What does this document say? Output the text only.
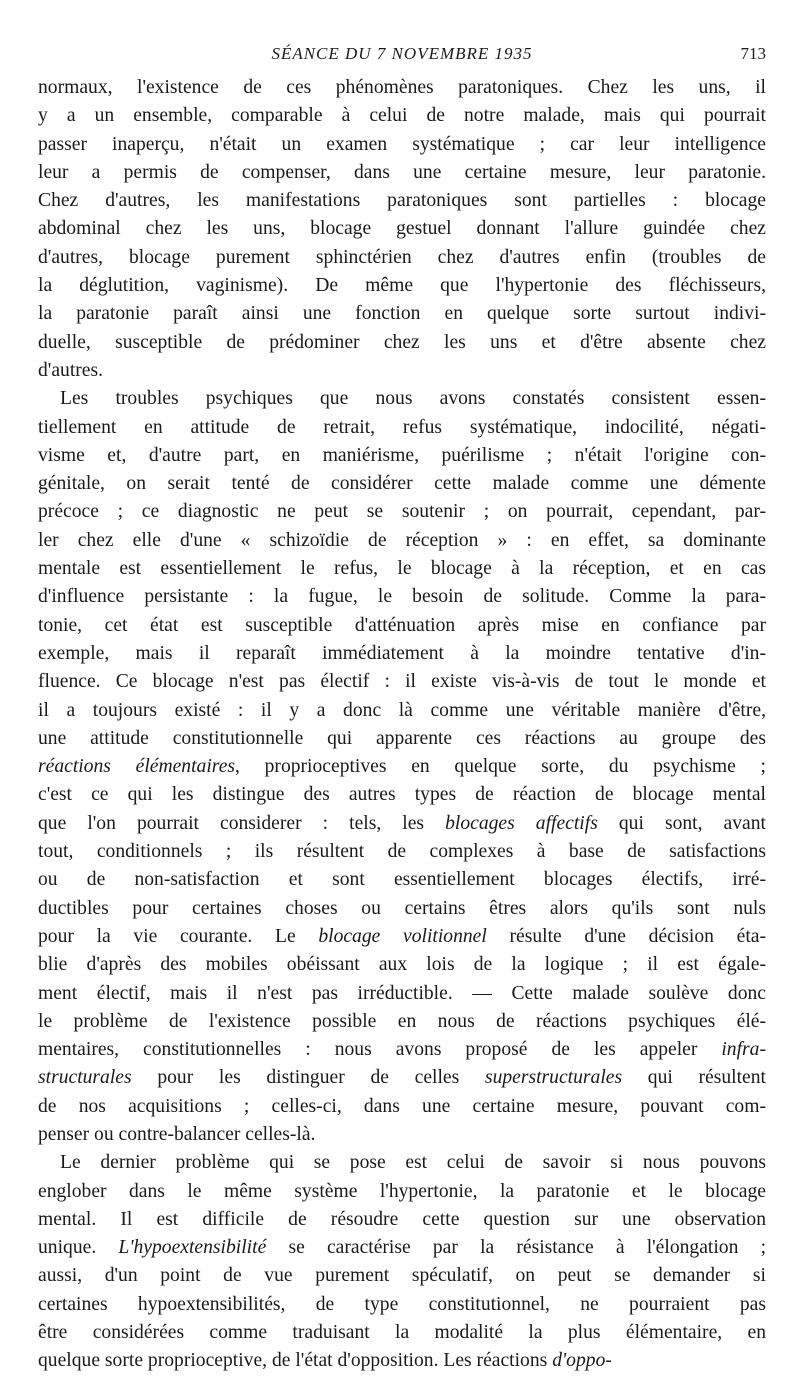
SÉANCE DU 7 NOVEMBRE 1935	713
normaux, l'existence de ces phénomènes paratoniques. Chez les uns, il
y a un ensemble, comparable à celui de notre malade, mais qui pourrait
passer inaperçu, n'était un examen systématique ; car leur intelligence
leur a permis de compenser, dans une certaine mesure, leur paratonie.
Chez d'autres, les manifestations paratoniques sont partielles : blocage
abdominal chez les uns, blocage gestuel donnant l'allure guindée chez
d'autres, blocage purement sphinctérien chez d'autres enfin (troubles de
la déglutition, vaginisme). De même que l'hypertonie des fléchisseurs,
la paratonie paraît ainsi une fonction en quelque sorte surtout indivi-
duelle, susceptible de prédominer chez les uns et d'être absente chez
d'autres.
Les troubles psychiques que nous avons constatés consistent essen-
tiellement en attitude de retrait, refus systématique, indocilité, négati-
visme et, d'autre part, en maniérisme, puérilisme ; n'était l'origine con-
génitale, on serait tenté de considérer cette malade comme une démente
précoce ; ce diagnostic ne peut se soutenir ; on pourrait, cependant, par-
ler chez elle d'une « schizoïdie de réception » : en effet, sa dominante
mentale est essentiellement le refus, le blocage à la réception, et en cas
d'influence persistante : la fugue, le besoin de solitude. Comme la para-
tonie, cet état est susceptible d'atténuation après mise en confiance par
exemple, mais il reparaît immédiatement à la moindre tentative d'in-
fluence. Ce blocage n'est pas électif : il existe vis-à-vis de tout le monde et
il a toujours existé : il y a donc là comme une véritable manière d'être,
une attitude constitutionnelle qui apparente ces réactions au groupe des
réactions élémentaires, proprioceptives en quelque sorte, du psychisme ;
c'est ce qui les distingue des autres types de réaction de blocage mental
que l'on pourrait considerer : tels, les blocages affectifs qui sont, avant
tout, conditionnels ; ils résultent de complexes à base de satisfactions
ou de non-satisfaction et sont essentiellement blocages électifs, irré-
ductibles pour certaines choses ou certains êtres alors qu'ils sont nuls
pour la vie courante. Le blocage volitionnel résulte d'une décision éta-
blie d'après des mobiles obéissant aux lois de la logique ; il est égale-
ment électif, mais il n'est pas irréductible. — Cette malade soulève donc
le problème de l'existence possible en nous de réactions psychiques élé-
mentaires, constitutionnelles : nous avons proposé de les appeler infra-
structurales pour les distinguer de celles superstructurales qui résultent
de nos acquisitions ; celles-ci, dans une certaine mesure, pouvant com-
penser ou contre-balancer celles-là.
Le dernier problème qui se pose est celui de savoir si nous pouvons
englober dans le même système l'hypertonie, la paratonie et le blocage
mental. Il est difficile de résoudre cette question sur une observation
unique. L'hypoextensibilité se caractérise par la résistance à l'élongation ;
aussi, d'un point de vue purement spéculatif, on peut se demander si
certaines hypoextensibilités, de type constitutionnel, ne pourraient pas
être considérées comme traduisant la modalité la plus élémentaire, en
quelque sorte proprioceptive, de l'état d'opposition. Les réactions d'oppo-
